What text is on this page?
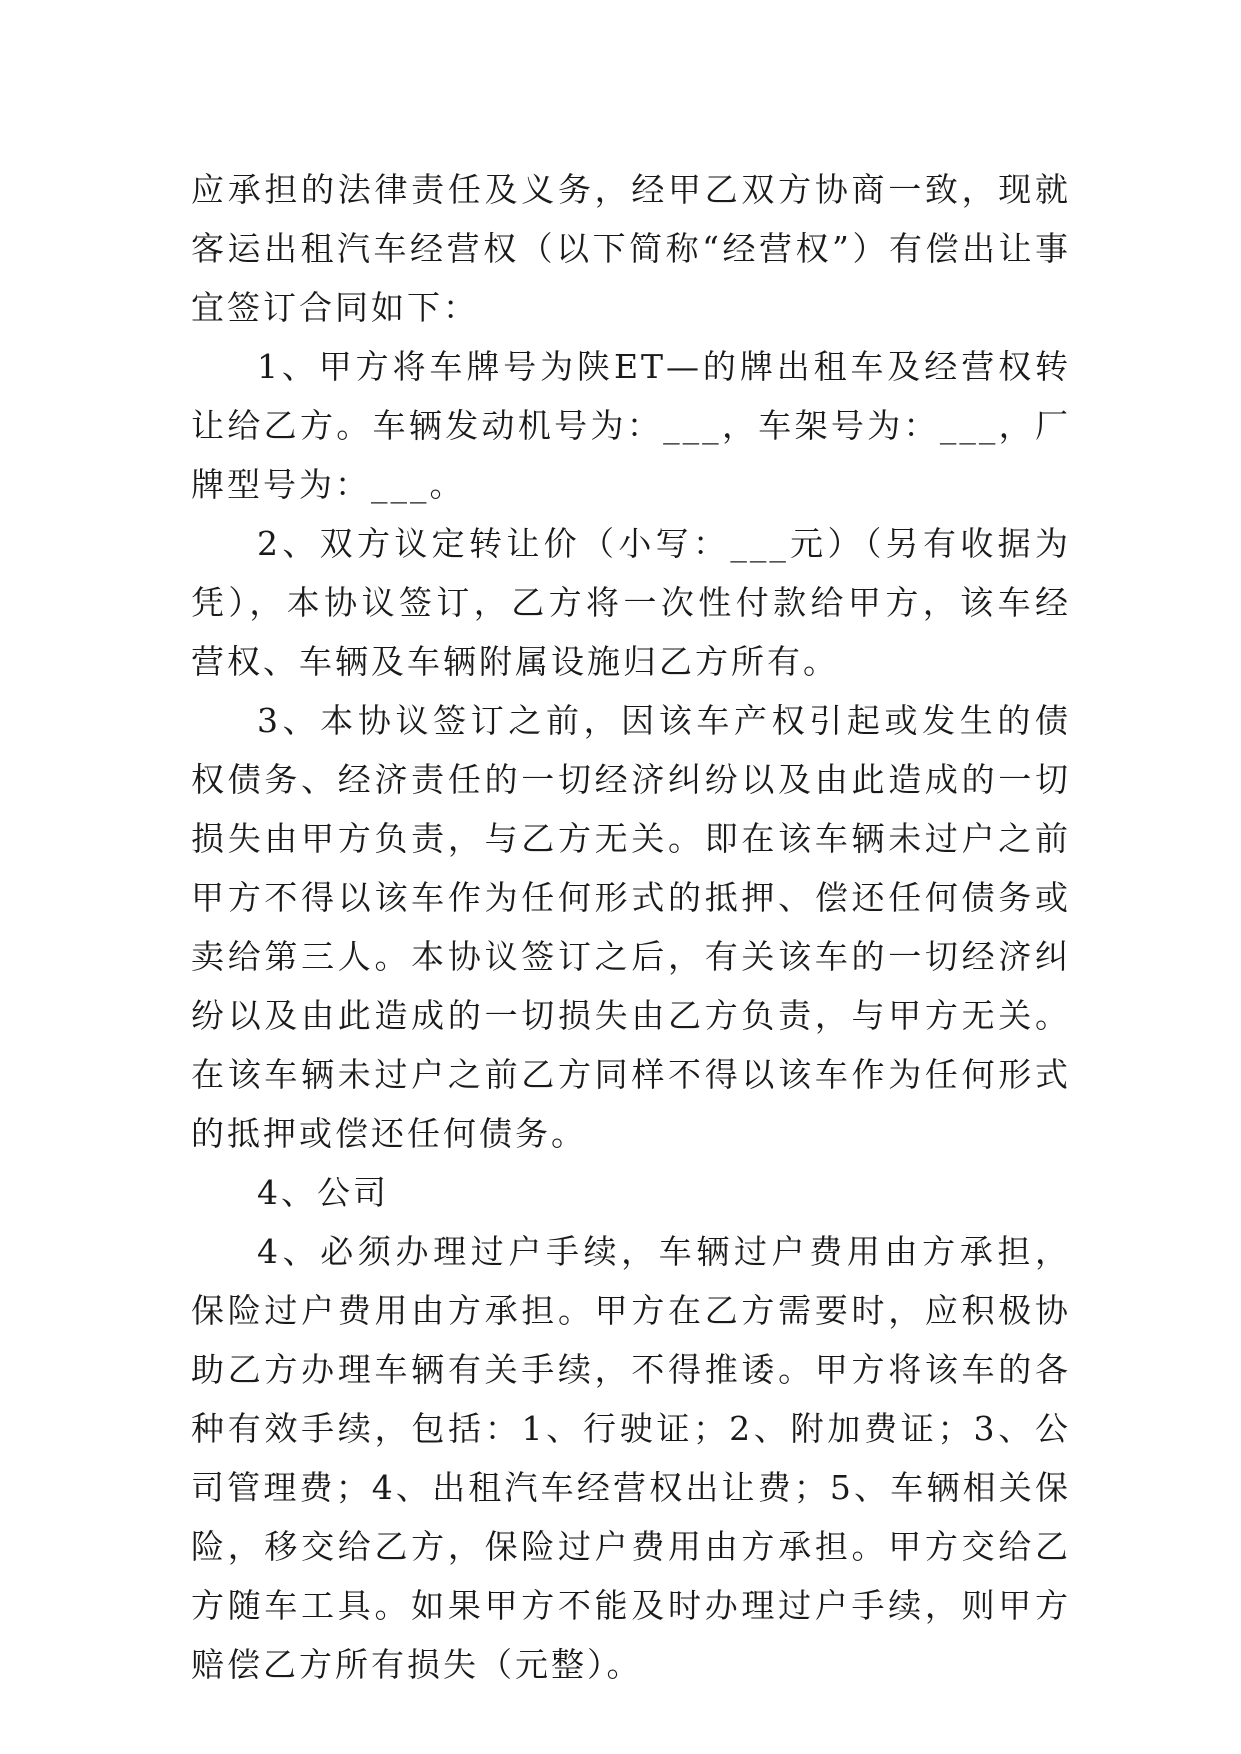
应承担的法律责任及义务，经甲乙双方协商一致，现就客运出租汽车经营权（以下简称“经营权”）有偿出让事宜签订合同如下：

1、甲方将车牌号为陕ET—的牌出租车及经营权转让给乙方。车辆发动机号为：___，车架号为：___，厂牌型号为：___。

2、双方议定转让价（小写：___元）（另有收据为凭），本协议签订，乙方将一次性付款给甲方，该车经营权、车辆及车辆附属设施归乙方所有。

3、本协议签订之前，因该车产权引起或发生的债权债务、经济责任的一切经济纠纷以及由此造成的一切损失由甲方负责，与乙方无关。即在该车辆未过户之前甲方不得以该车作为任何形式的抵押、偿还任何债务或卖给第三人。本协议签订之后，有关该车的一切经济纠纷以及由此造成的一切损失由乙方负责，与甲方无关。在该车辆未过户之前乙方同样不得以该车作为任何形式的抵押或偿还任何债务。

4、公司

4、必须办理过户手续，车辆过户费用由方承担，保险过户费用由方承担。甲方在乙方需要时，应积极协助乙方办理车辆有关手续，不得推诿。甲方将该车的各种有效手续，包括：1、行驶证；2、附加费证；3、公司管理费；4、出租汽车经营权出让费；5、车辆相关保险，移交给乙方，保险过户费用由方承担。甲方交给乙方随车工具。如果甲方不能及时办理过户手续，则甲方赔偿乙方所有损失（元整）。
